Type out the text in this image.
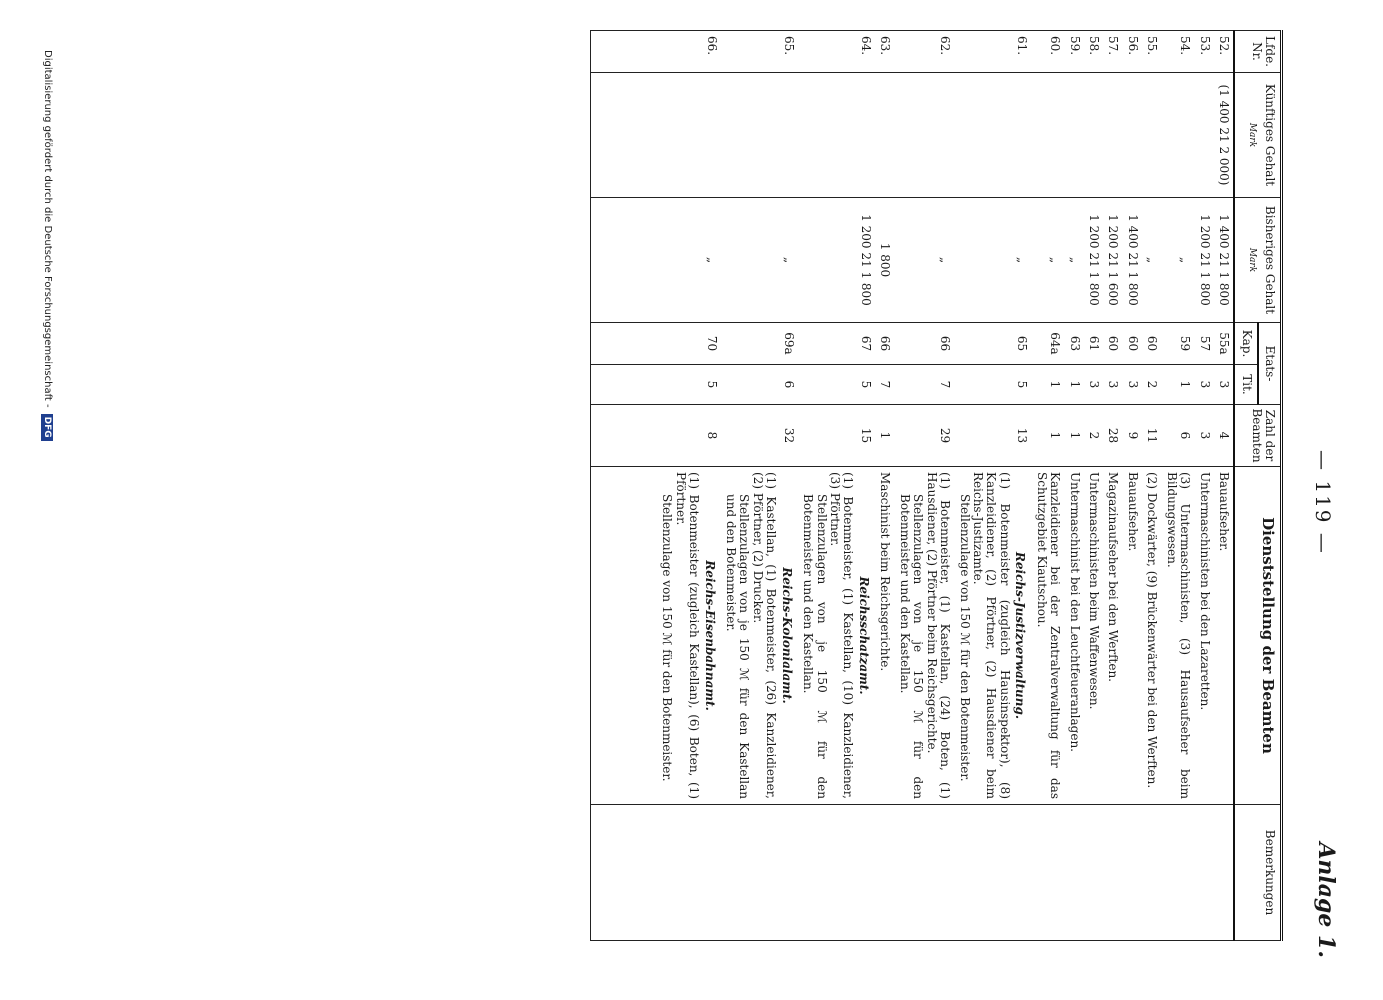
— 119 —
Anlage 1.
Lfde. Nr.	Künftiges Gehalt
Mark	Bisheriges Gehalt
Mark	Etats-		Zahl der Beamten	Dienststellung der Beamten	Bemerkungen
			Kap.	Tit.			
52.	(1 400 21 2 000)	1 400 21 1 800	55a	3	4	Bauaufseher.	

53.		1 200 21 1 800	57	3	3	Untermaschinisten bei den Lazaretten.	

54.		„	59	1	6	(3) Untermaschinisten, (3) Hausaufseher beim Bildungswesen.	

55.		„	60	2	11	(2) Dockwärter, (9) Brückenwärter bei den Werften.	

56.		1 400 21 1 800	60	3	9	Bauaufseher.	

57.		1 200 21 1 600	60	3	28	Magazinaufseher bei den Werften.	

58.		1 200 21 1 800	61	3	2	Untermaschinisten beim Waffenwesen.	

59.		„	63	1	1	Untermaschinist bei den Leuchtfeueranlagen.	

60.		„	64a	1	1	Kanzleidiener bei der Zentralverwaltung für das Schutzgebiet Kiautschou.	

61.		„	65	5	13	Reichs-Justizverwaltung.
(1) Botenmeister (zugleich Hausinspektor), (8) Kanzleidiener, (2) Pförtner, (2) Hausdiener beim Reichs-Justizamte.
Stellenzulage von 150 ℳ für den Botenmeister.	

62.		„	66	7	29	(1) Botenmeister, (1) Kastellan, (24) Boten, (1) Hausdiener, (2) Pförtner beim Reichsgerichte.
Stellenzulagen von je 150 ℳ für den Botenmeister und den Kastellan.	

63.		1 800	66	7	1	Maschinist beim Reichsgerichte.	

64.		1 200 21 1 800	67	5	15	Reichsschatzamt.
(1) Botenmeister, (1) Kastellan, (10) Kanzleidiener, (3) Pförtner.
Stellenzulagen von je 150 ℳ für den Botenmeister und den Kastellan.	

65.		„	69a	6	32	Reichs-Kolonialamt.
(1) Kastellan, (1) Botenmeister, (26) Kanzleidiener, (2) Pförtner, (2) Drucker.
Stellenzulagen von je 150 ℳ für den Kastellan und den Botenmeister.	

66.		„	70	5	8	Reichs-Eisenbahnamt.
(1) Botenmeister (zugleich Kastellan), (6) Boten, (1) Pförtner.
Stellenzulage von 150 ℳ für den Botenmeister.	

Digitalisierung gefördert durch die Deutsche Forschungsgemeinschaft -DFG
